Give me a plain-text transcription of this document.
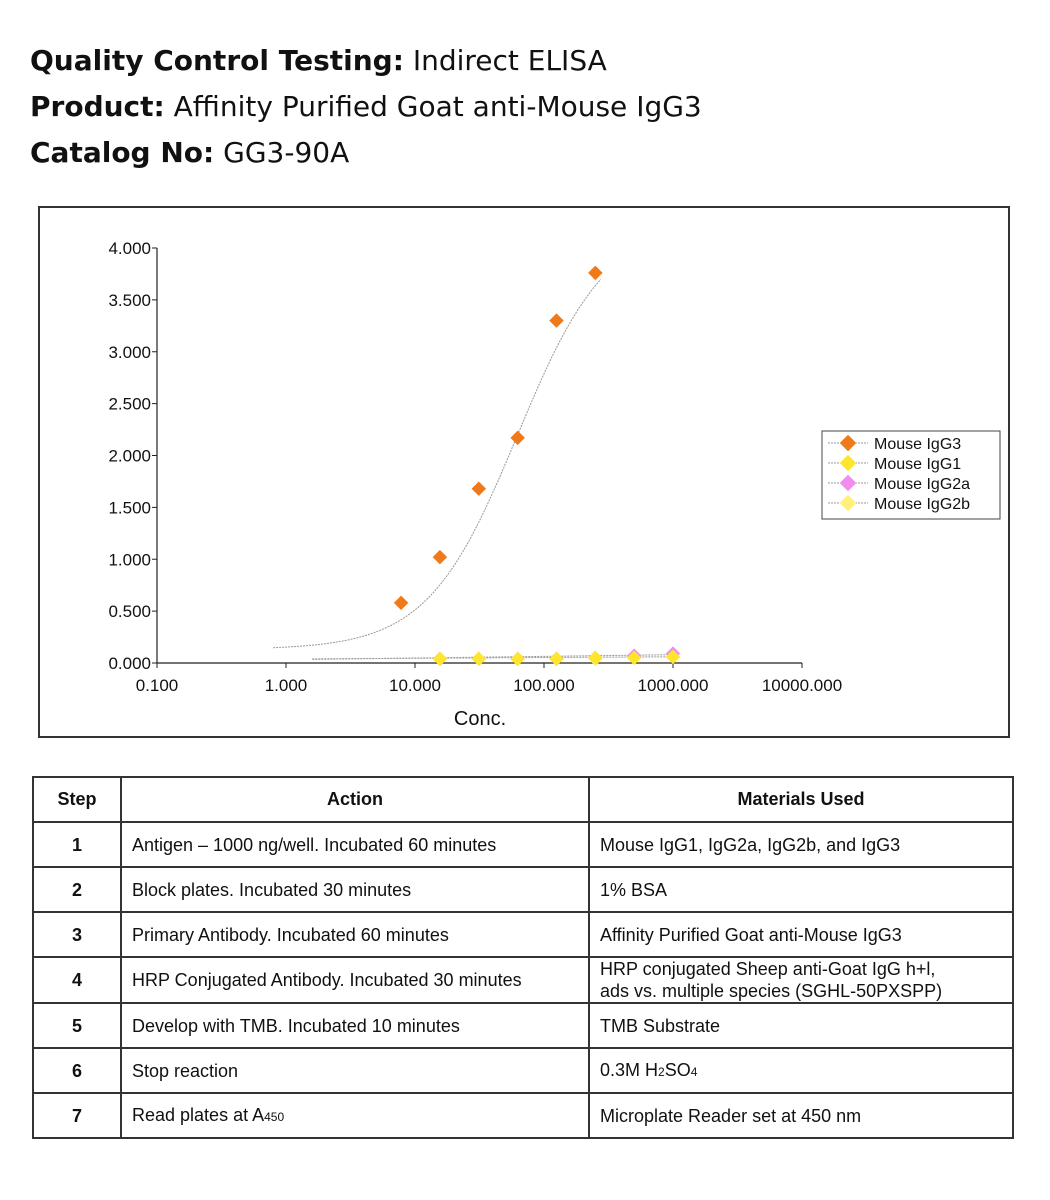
Quality Control Testing: Indirect ELISA
Product: Affinity Purified Goat anti-Mouse IgG3
Catalog No: GG3-90A
0.000
0.500
1.000
1.500
2.000
2.500
3.000
3.500
4.000
0.100	1.000	10.000	100.000	1000.000	10000.000
Conc.
Mouse IgG3
Mouse IgG1
Mouse IgG2a
Mouse IgG2b
Step	Action	Materials Used
1	Antigen – 1000 ng/well. Incubated 60 minutes	Mouse IgG1, IgG2a, IgG2b, and IgG3
2	Block plates. Incubated 30 minutes	1% BSA
3	Primary Antibody. Incubated 60 minutes	Affinity Purified Goat anti-Mouse IgG3
4	HRP Conjugated Antibody. Incubated 30 minutes	HRP conjugated Sheep anti-Goat IgG h+l,
ads vs. multiple species (SGHL-50PXSPP)

5	Develop with TMB. Incubated 10 minutes	TMB Substrate
6	Stop reaction	0.3M H2SO4
7	Read plates at A450	Microplate Reader set at 450 nm
